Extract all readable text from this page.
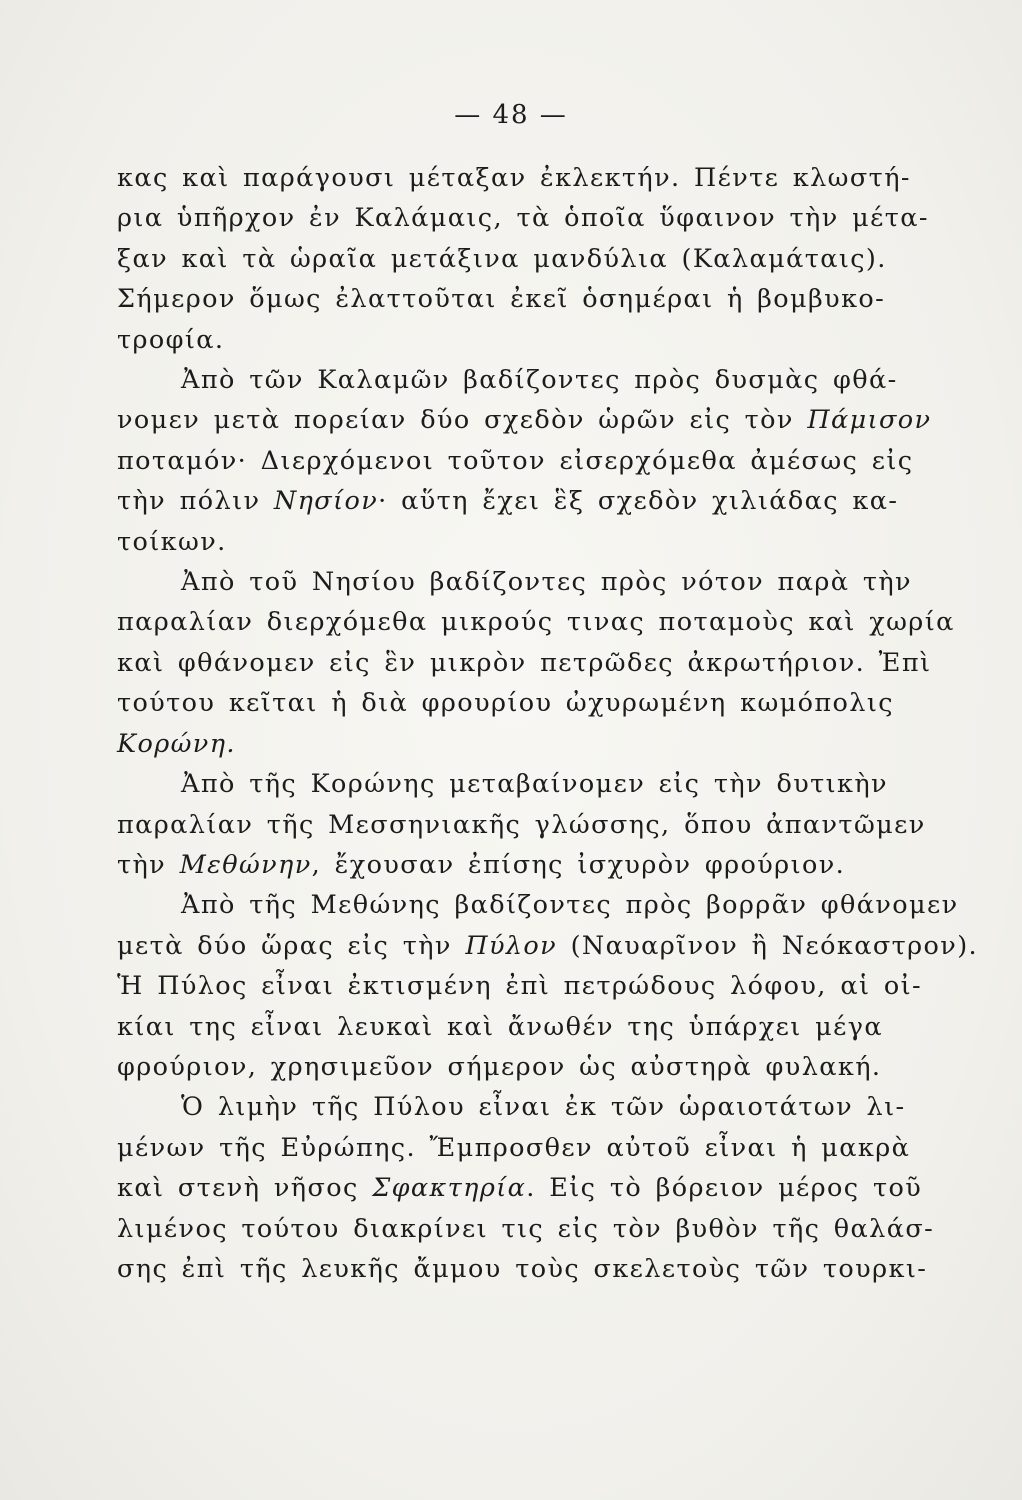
— 48 —
κας καὶ παράγουσι μέταξαν ἐκλεκτήν. Πέντε κλωστή-
ρια ὑπῆρχον ἐν Καλάμαις, τὰ ὁποῖα ὕφαινον τὴν μέτα-
ξαν καὶ τὰ ὡραῖα μετάξινα μανδύλια (Καλαμάταις).
Σήμερον ὅμως ἐλαττοῦται ἐκεῖ ὁσημέραι ἡ βομβυκο-
τροφία.
Ἀπὸ τῶν Καλαμῶν βαδίζοντες πρὸς δυσμὰς φθά-
νομεν μετὰ πορείαν δύο σχεδὸν ὡρῶν εἰς τὸν Πάμισον
ποταμόν· Διερχόμενοι τοῦτον εἰσερχόμεθα ἀμέσως εἰς
τὴν πόλιν Νησίον· αὕτη ἔχει ἓξ σχεδὸν χιλιάδας κα-
τοίκων.
Ἀπὸ τοῦ Νησίου βαδίζοντες πρὸς νότον παρὰ τὴν
παραλίαν διερχόμεθα μικρούς τινας ποταμοὺς καὶ χωρία
καὶ φθάνομεν εἰς ἓν μικρὸν πετρῶδες ἀκρωτήριον. Ἐπὶ
τούτου κεῖται ἡ διὰ φρουρίου ὠχυρωμένη κωμόπολις
Κορώνη.
Ἀπὸ τῆς Κορώνης μεταβαίνομεν εἰς τὴν δυτικὴν
παραλίαν τῆς Μεσσηνιακῆς γλώσσης, ὅπου ἀπαντῶμεν
τὴν Μεθώνην, ἔχουσαν ἐπίσης ἰσχυρὸν φρούριον.
Ἀπὸ τῆς Μεθώνης βαδίζοντες πρὸς βορρᾶν φθάνομεν
μετὰ δύο ὥρας εἰς τὴν Πύλον (Ναυαρῖνον ἢ Νεόκαστρον).
Ἡ Πύλος εἶναι ἐκτισμένη ἐπὶ πετρώδους λόφου, αἱ οἰ-
κίαι της εἶναι λευκαὶ καὶ ἄνωθέν της ὑπάρχει μέγα
φρούριον, χρησιμεῦον σήμερον ὡς αὐστηρὰ φυλακή.
Ὁ λιμὴν τῆς Πύλου εἶναι ἐκ τῶν ὡραιοτάτων λι-
μένων τῆς Εὐρώπης. Ἔμπροσθεν αὐτοῦ εἶναι ἡ μακρὰ
καὶ στενὴ νῆσος Σφακτηρία. Εἰς τὸ βόρειον μέρος τοῦ
λιμένος τούτου διακρίνει τις εἰς τὸν βυθὸν τῆς θαλάσ-
σης ἐπὶ τῆς λευκῆς ἄμμου τοὺς σκελετοὺς τῶν τουρκι-
